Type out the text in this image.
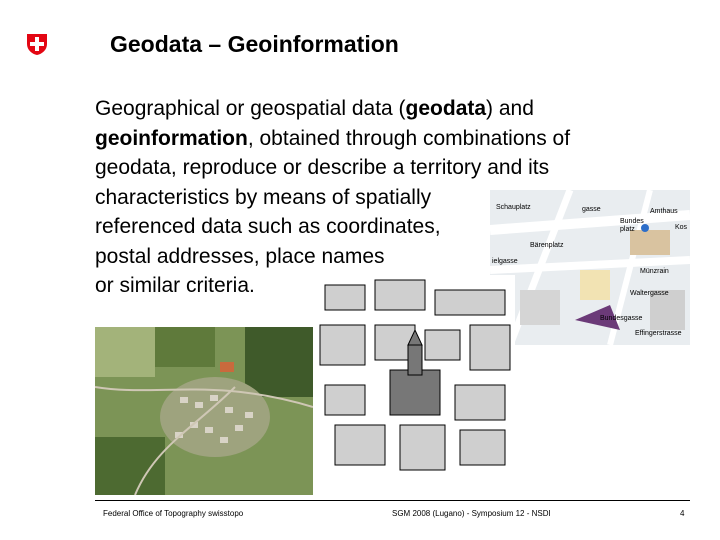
Geodata – Geoinformation
Geographical or geospatial data (geodata) and
geoinformation, obtained through combinations of
geodata, reproduce or describe a territory and its
characteristics by means of spatially
referenced data such as coordinates,
postal addresses, place names
or similar criteria.
Schauplatz	gasse	Amthaus
Bundes
platz	Kos
Bärenplatz
Münzrain
ielgasse
Waltergasse
Bundesgasse
Effingerstrasse
Federal Office of Topography swisstopo	SGM 2008 (Lugano) - Symposium 12 - NSDI	4
